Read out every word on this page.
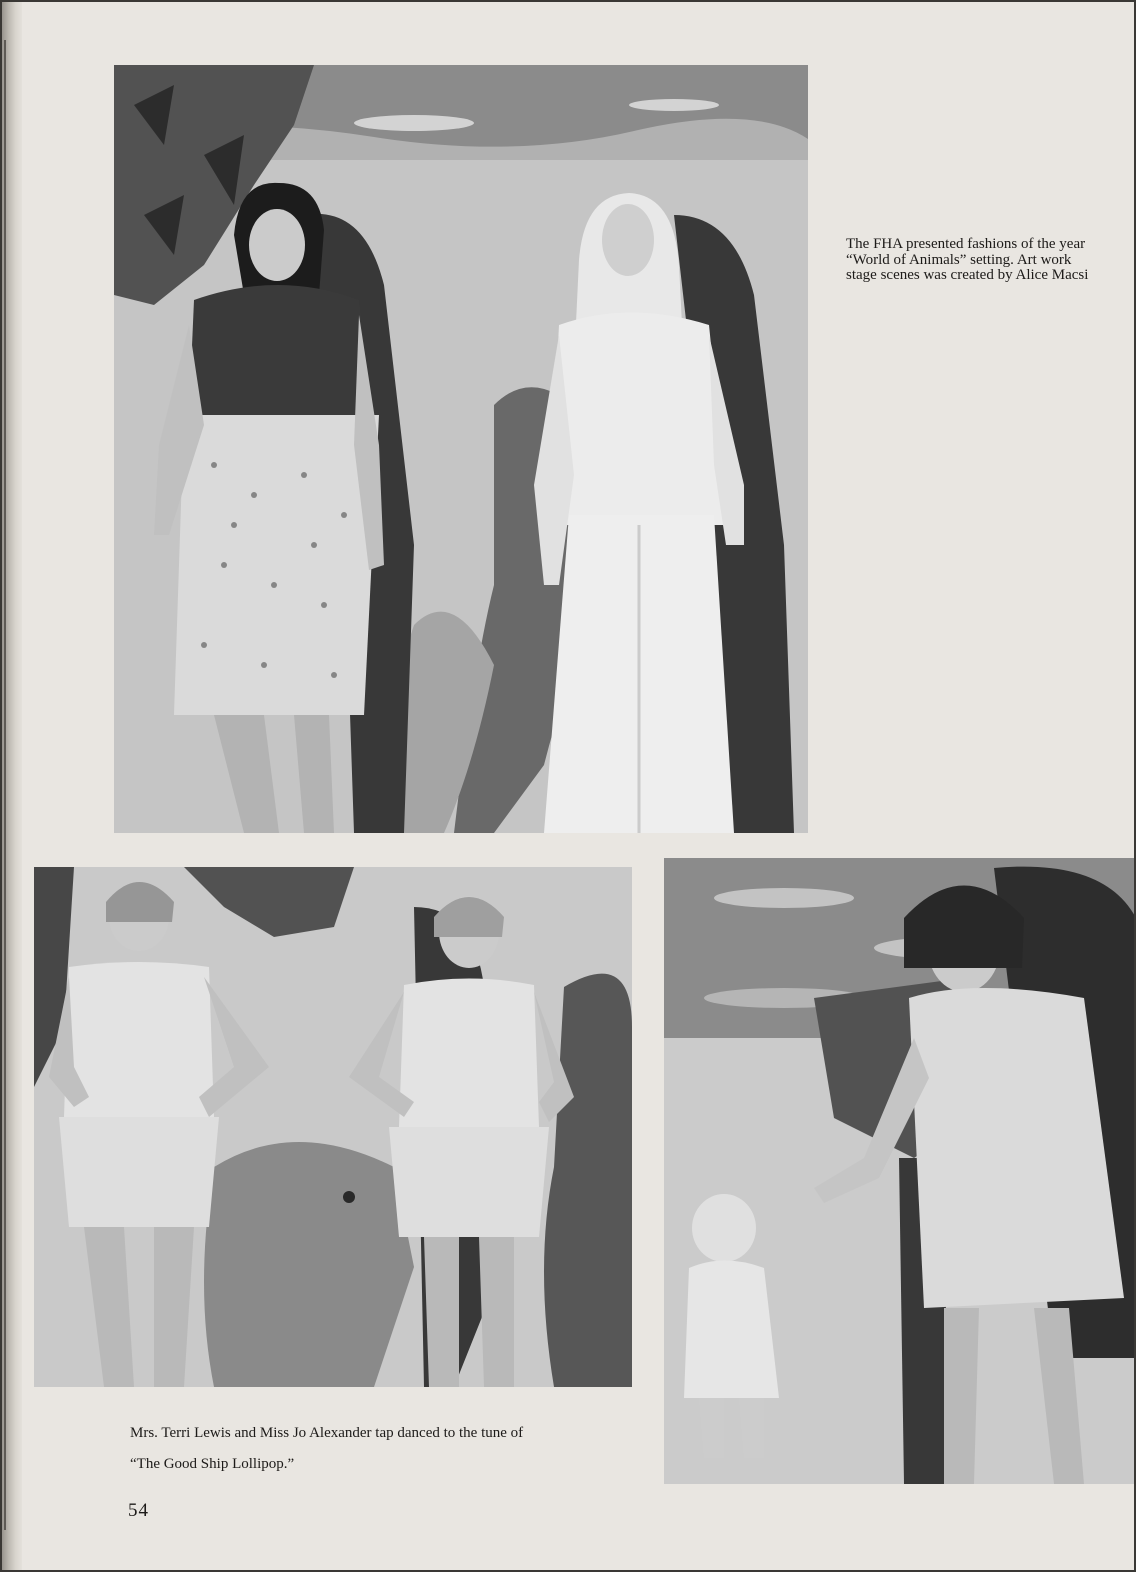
The FHA presented fashions of the year
“World of Animals” setting. Art work
stage scenes was created by Alice Macsi

Mrs. Terri Lewis and Miss Jo Alexander tap danced to the tune of

“The Good Ship Lollipop.”

54
